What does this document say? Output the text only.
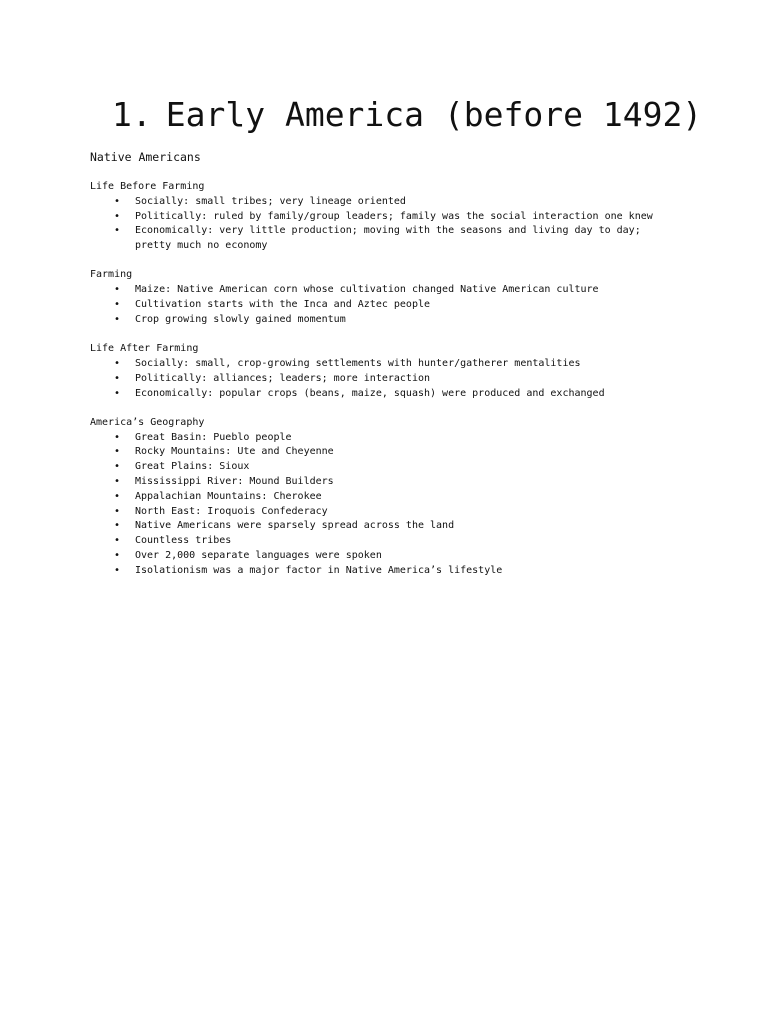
1. Early America (before 1492)
Native Americans
Life Before Farming
• Socially: small tribes; very lineage oriented
• Politically: ruled by family/group leaders; family was the social interaction one knew
• Economically: very little production; moving with the seasons and living day to day; pretty much no economy
Farming
• Maize: Native American corn whose cultivation changed Native American culture
• Cultivation starts with the Inca and Aztec people
• Crop growing slowly gained momentum
Life After Farming
• Socially: small, crop-growing settlements with hunter/gatherer mentalities
• Politically: alliances; leaders; more interaction
• Economically: popular crops (beans, maize, squash) were produced and exchanged
America’s Geography
• Great Basin: Pueblo people
• Rocky Mountains: Ute and Cheyenne
• Great Plains: Sioux
• Mississippi River: Mound Builders
• Appalachian Mountains: Cherokee
• North East: Iroquois Confederacy
• Native Americans were sparsely spread across the land
• Countless tribes
• Over 2,000 separate languages were spoken
• Isolationism was a major factor in Native America’s lifestyle
